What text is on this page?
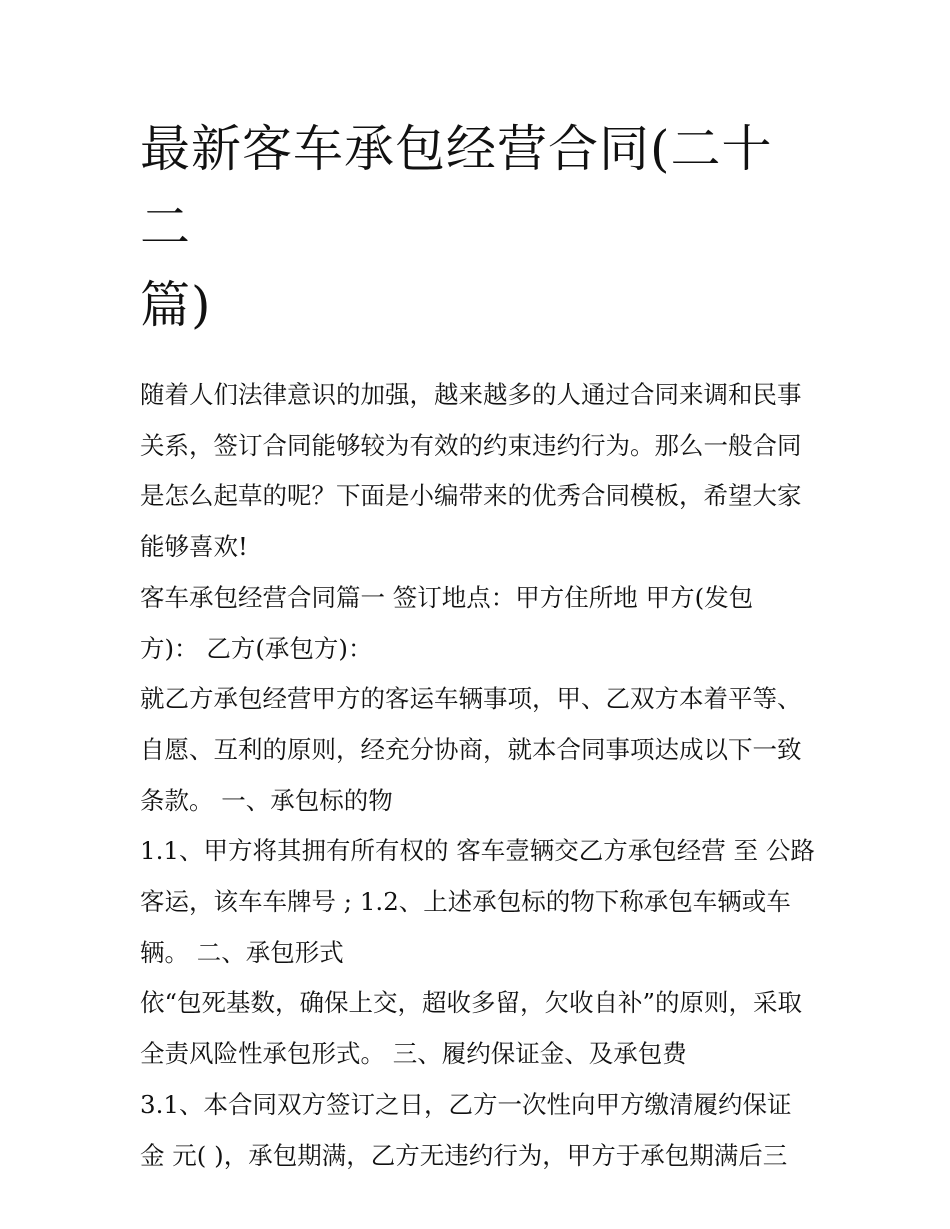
最新客车承包经营合同(二十二
篇)
随着人们法律意识的加强，越来越多的人通过合同来调和民事
关系，签订合同能够较为有效的约束违约行为。那么一般合同
是怎么起草的呢？下面是小编带来的优秀合同模板，希望大家
能够喜欢!
客车承包经营合同篇一 签订地点：甲方住所地 甲方(发包
方)： 乙方(承包方)：
就乙方承包经营甲方的客运车辆事项，甲、乙双方本着平等、
自愿、互利的原则，经充分协商，就本合同事项达成以下一致
条款。 一、承包标的物
1.1、甲方将其拥有所有权的 客车壹辆交乙方承包经营 至 公路
客运，该车车牌号 ; 1.2、上述承包标的物下称承包车辆或车
辆。 二、承包形式
依“包死基数，确保上交，超收多留，欠收自补”的原则，采取
全责风险性承包形式。 三、履约保证金、及承包费
3.1、本合同双方签订之日，乙方一次性向甲方缴清履约保证
金 元( )，承包期满，乙方无违约行为，甲方于承包期满后三
